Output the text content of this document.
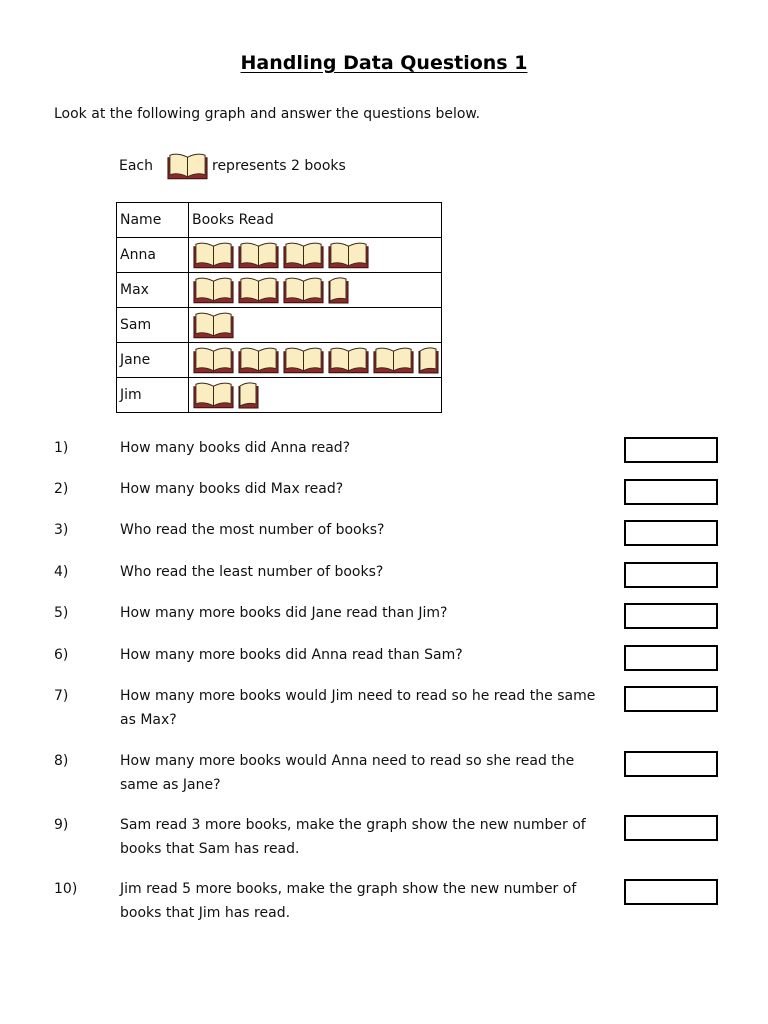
Handling Data Questions 1
Look at the following graph and answer the questions below.
Each	represents 2 books
Name	Books Read
Anna	

Max	

Sam	

Jane	

Jim	
1)	How many books did Anna read?
2)	How many books did Max read?
3)	Who read the most number of books?
4)	Who read the least number of books?
5)	How many more books did Jane read than Jim?
6)	How many more books did Anna read than Sam?
7)	How many more books would Jim need to read so he read the same as Max?
8)	How many more books would Anna need to read so she read the same as Jane?
9)	Sam read 3 more books, make the graph show the new number of books that Sam has read.
10)	Jim read 5 more books, make the graph show the new number of books that Jim has read.
